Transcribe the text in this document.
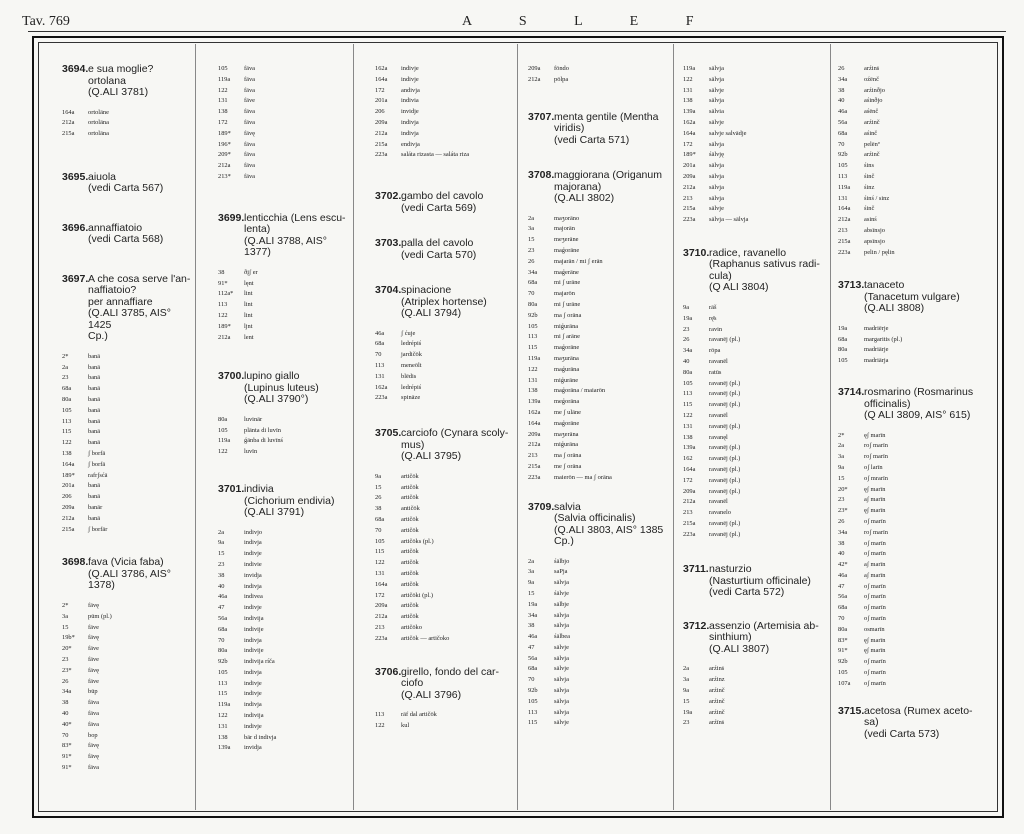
Tav. 769	A S L E F
3694. e sua moglie? ortolana
(Q.ALI 3781)
164a	ortolāne
212a	ortolāna
215a	ortolāna
3695. aiuola
(vedi Carta 567)
3696. annaffiatoio
(vedi Carta 568)
3697. A che cosa serve l'an-
naffiatoio?
per annaffiare
(Q.ALI 3785, AIS° 1425
Cp.)
2*	banā
2a	banā
23	banā
68a	banā
80a	banā
105	banā
113	banā
115	banā
122	banā
138	ʃ borfā
164a	ʃ borfā
189*	rafrʃsćā
201a	banā
206	banā
209a	banār
212a	banā
215a	ʃ borfār
3698. fava (Vicia faba)
(Q.ALI 3786, AIS° 1378)
2*	fāvę
3a	pūm (pl.)
15	fāve
19b*	fāvę
20*	fāve
23	fāve
23*	fāvę
26	fāve
34a	būp
38	fāva
40	fāva
40*	fāva
70	bop
83*	fāvę
91*	fāvę
91*	fāva
105	fāva
119a	fāva
122	fāva
131	fāve
138	fāva
172	fāva
189*	fāvę
196*	fāva
209*	fāva
212a	fāva
213*	fāva
3699. lenticchia (Lens escu-
lenta)
(Q.ALI 3788, AIS° 1377)
38	ðįʃ er
91*	lęnt
112a*	lint
113	lint
122	lint
189*	ljnt
212a	lent
3700. lupino giallo
(Lupinus luteus)
(Q.ALI 3790°)
80a	luvinār
105	plānta di luvīn
119a	ǵānba di luvīnś
122	luvīn
3701. indivia
(Cichorium endivia)
(Q.ALI 3791)
2a	indivjo
9a	indivja
15	indivje
23	indivie
38	invidja
40	indivja
46a	indivea
47	indivje
56a	indivija
68a	indivije
70	indivja
80a	indivije
92b	indivija ríča
105	indivja
113	indivje
115	indivje
119a	indivja
122	indivija
131	indivje
138	bār d indivja
139a	invidja
162a	indivje
164a	indivje
172	andivja
201a	indivia
206	invidje
209a	indivja
212a	indivja
215a	endivja
223a	saláta rizasta — saláta riza
3702. gambo del cavolo
(vedi Carta 569)
3703. palla del cavolo
(vedi Carta 570)
3704. spinacione
(Atriplex hortense)
(Q.ALI 3794)
46a	ʃ ćuje
68a	ledrépiś
70	jardičōk
113	meneōlt
131	blēdis
162a	ledrépiś
223a	spināze
3705. carciofo (Cynara scoly-
mus)
(Q.ALI 3795)
9a	artičōk
15	artičōk
26	artičōk
38	antičōk
68a	artičōk
70	artičōk
105	artičōks (pl.)
115	artičōk
122	artičōk
131	artičōk
164a	artičōk
172	artičōki (pl.)
209a	artičōk
212a	artičōk
213	artičōko
223a	artičōk — artičoko
3706. girello, fondo del car-
ciofo
(Q.ALI 3796)
113	rāf dal artičōk
122	kul
209a	fōndo
212a	pōlpa
3707. menta gentile (Mentha
viridis)
(vedi Carta 571)
3708. maggiorana (Origanum
majorana)
(Q.ALI 3802)
2a	maʒorāno
3a	majorān
15	meʒerāne
23	maǵorāne
26	majarān / mi ʃ erān
34a	maǵerāne
68a	mi ʃ urāne
70	majarōn
80a	mi ʃ urāne
92b	ma ʃ orāna
105	miǵurāna
113	mi ʃ arāne
115	maǵorāne
119a	maʒurāna
122	maǵurāna
131	miǵurāne
138	maǵorāna / maiarōn
139a	meǵorāna
162a	me ʃ ulāne
164a	maǵorāne
209a	maʒerāna
212a	miǵurāna
213	ma ʃ orāna
215a	me ʃ orāna
223a	maierōn — ma ʃ orāna
3709. salvia
(Salvia officinalis)
(Q.ALI 3803, AIS° 1385
Cp.)
2a	śālbjo
3a	saPja
9a	sālvja
15	śālvje
19a	sālbje
34a	sālvja
38	sālvja
46a	śālbea
47	sālvje
56a	sālvja
68a	sālvje
70	sālvja
92b	sālvja
105	sālvja
113	sālvja
115	sālvje
119a	sālvja
122	sālvja
131	sālvje
138	sālvja
139a	sālvia
162a	sālvje
164a	salvje salvādje
172	sālvja
189*	śālvję
201a	sālvja
209a	sālvja
212a	sālvja
213	sālvja
215a	sālvje
223a	sālvja — sālvja
3710. radice, ravanello
(Raphanus sativus radi-
cula)
(Q ALI 3804)
9a	rāš
19a	rę̄s
23	ravin
26	ravanēj (pl.)
34a	rōpa
40	ravanēl
80a	ratūs
105	ravanēj (pl.)
113	ravanēj (pl.)
115	ravanēj (pl.)
122	ravanēl
131	ravanēj (pl.)
138	ravanęl
139a	ravanēj (pl.)
162	ravanēj (pl.)
164a	ravanēj (pl.)
172	ravanēj (pl.)
209a	ravanēj (pl.)
212a	ravanēl
213	ravanelo
215a	ravanēj (pl.)
223a	ravanēj (pl.)
3711. nasturzio
(Nasturtium officinale)
(vedi Carta 572)
3712. assenzio (Artemisia ab-
sinthium)
(Q.ALI 3807)
2a	arźinṡ
3a	arźinz
9a	arźinč
15	arźinč
19a	arźinč
23	arźīnṡ
26	arźinṡ
34a	oźēnč
38	arźinðjo
40	aśinðjo
46a	aśēnč
56a	arźinč
68a	aśinč
70	pelēnº
92b	arźinč
105	śins
113	śinč
119a	śinz
131	śinś / sinz
164a	śinč
212a	asinś
213	absīnsjo
215a	apsīnsjo
223a	pelin / pęlin
3713. tanaceto
(Tanacetum vulgare)
(Q.ALI 3808)
19a	madriērje
68a	margaritis (pl.)
80a	madriārje
105	madriārja
3714. rosmarino (Rosmarinus
officinalis)
(Q ALI 3809, AIS° 615)
2*	ęʃ marīn
2a	roʃ marīn
3a	roʃ marīn
9a	oʃ larīn
15	oʃ mrarīn
20*	ęʃ marīn
23	aʃ marīn
23*	ęʃ marīn
26	oʃ marīn
34a	roʃ marīn
38	oʃ marīn
40	oʃ marīn
42*	aʃ marīn
46a	aʃ marīn
47	oʃ marīn
56a	oʃ marīn
68a	oʃ marīn
70	oʃ marīn
80a	osmarīn
83*	ęʃ marīn
91*	ęʃ marīn
92b	oʃ marīn
105	oʃ marīn
107a	oʃ marīn
3715. acetosa (Rumex aceto-
sa)
(vedi Carta 573)
